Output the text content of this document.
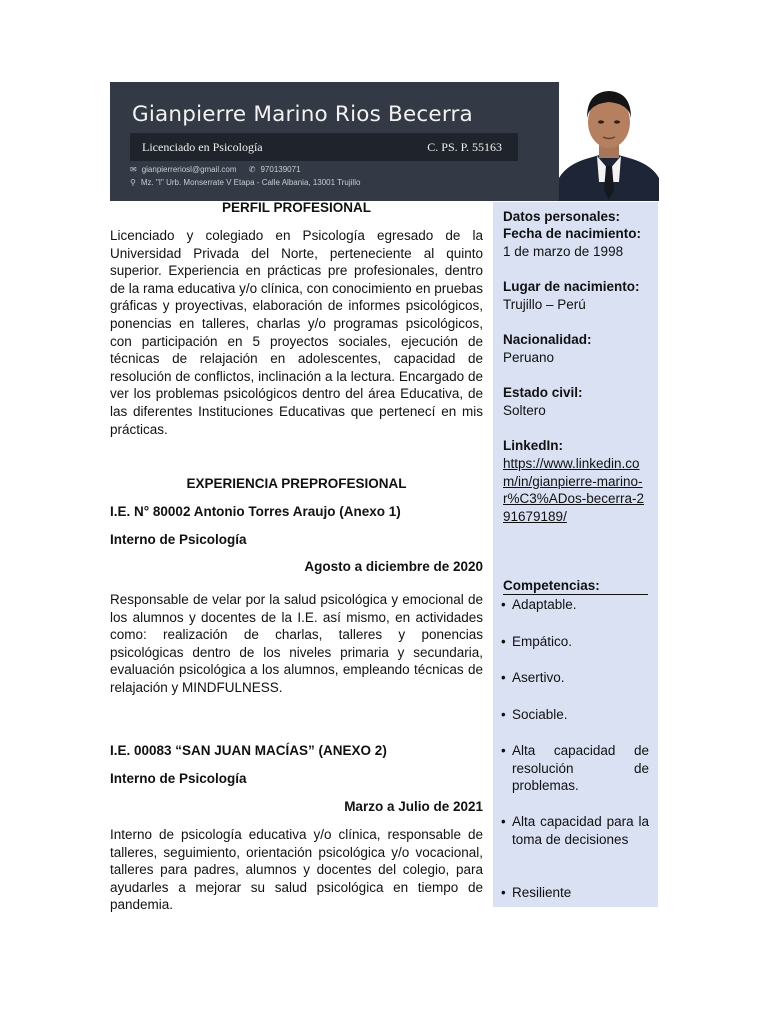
Gianpierre Marino Rios Becerra
Licenciado en Psicología	C. PS. P. 55163
✉ gianpierreriosl@gmail.com ✆ 970139071
⚲ Mz. "I" Urb. Monserrate V Etapa - Calle Albania, 13001 Trujillo
Datos personales:
Fecha de nacimiento:
1 de marzo de 1998
Lugar de nacimiento:
Trujillo – Perú
Nacionalidad:
Peruano
Estado civil:
Soltero
LinkedIn:
https://www.linkedin.com/in/gianpierre-marino-r%C3%ADos-becerra-291679189/
Competencias:
• Adaptable.
• Empático.
• Asertivo.
• Sociable.
• Alta capacidad de resolución de problemas.
• Alta capacidad para la toma de decisiones
• Resiliente
PERFIL PROFESIONAL
Licenciado y colegiado en Psicología egresado de la Universidad Privada del Norte, perteneciente al quinto superior. Experiencia en prácticas pre profesionales, dentro de la rama educativa y/o clínica, con conocimiento en pruebas gráficas y proyectivas, elaboración de informes psicológicos, ponencias en talleres, charlas y/o programas psicológicos, con participación en 5 proyectos sociales, ejecución de técnicas de relajación en adolescentes, capacidad de resolución de conflictos, inclinación a la lectura. Encargado de ver los problemas psicológicos dentro del área Educativa, de las diferentes Instituciones Educativas que pertenecí en mis prácticas.
EXPERIENCIA PREPROFESIONAL
I.E. N° 80002 Antonio Torres Araujo (Anexo 1)
Interno de Psicología
Agosto a diciembre de 2020
Responsable de velar por la salud psicológica y emocional de los alumnos y docentes de la I.E. así mismo, en actividades como: realización de charlas, talleres y ponencias psicológicas dentro de los niveles primaria y secundaria, evaluación psicológica a los alumnos, empleando técnicas de relajación y MINDFULNESS.
I.E. 00083 “SAN JUAN MACÍAS” (ANEXO 2)
Interno de Psicología
Marzo a Julio de 2021
Interno de psicología educativa y/o clínica, responsable de talleres, seguimiento, orientación psicológica y/o vocacional, talleres para padres, alumnos y docentes del colegio, para ayudarles a mejorar su salud psicológica en tiempo de pandemia.
